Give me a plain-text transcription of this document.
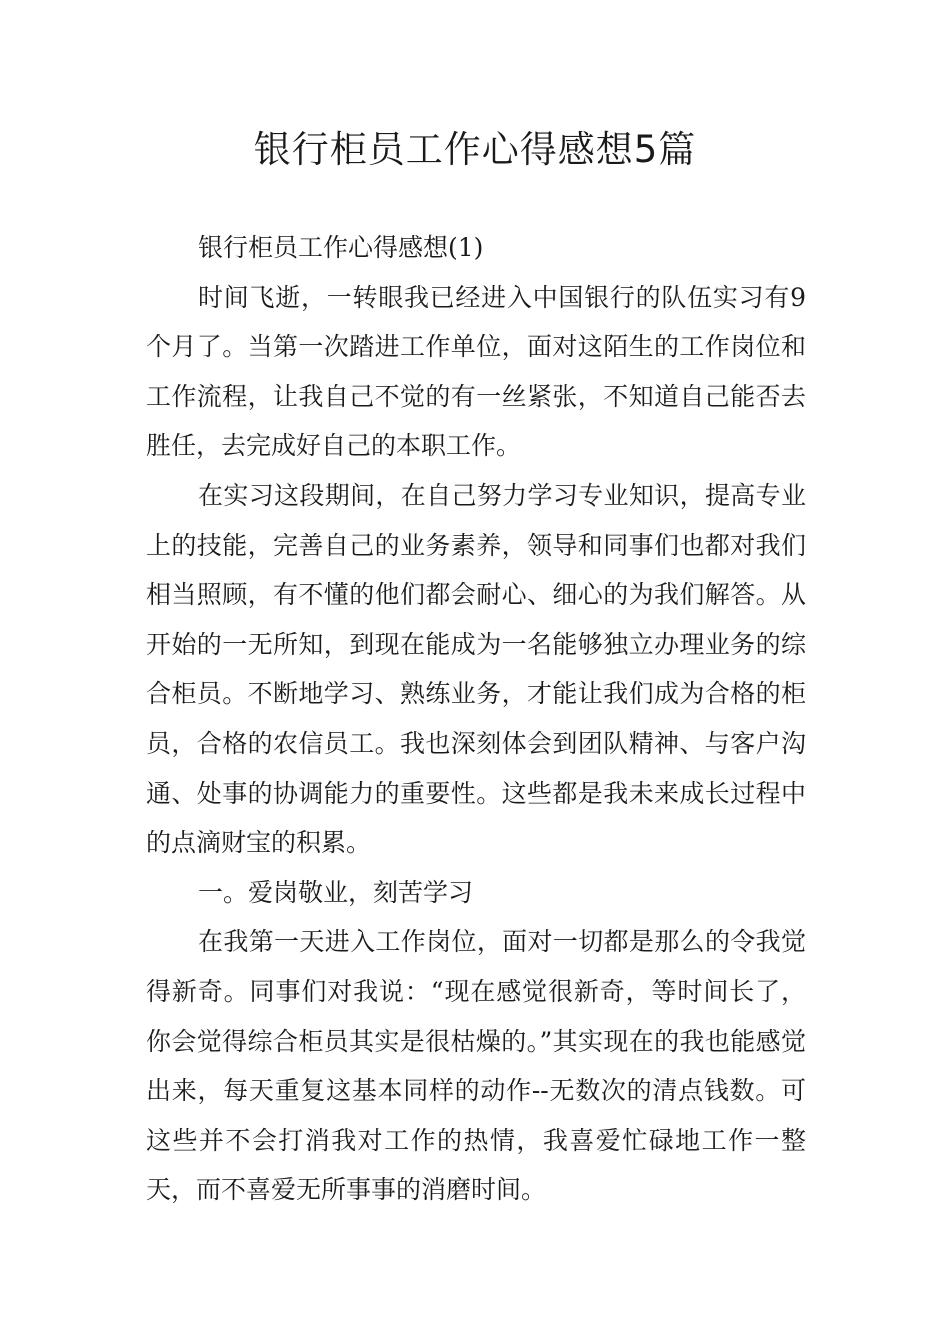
银行柜员工作心得感想5篇

银行柜员工作心得感想(1)

时间飞逝，一转眼我已经进入中国银行的队伍实习有9个月了。当第一次踏进工作单位，面对这陌生的工作岗位和工作流程，让我自己不觉的有一丝紧张，不知道自己能否去胜任，去完成好自己的本职工作。

在实习这段期间，在自己努力学习专业知识，提高专业上的技能，完善自己的业务素养，领导和同事们也都对我们相当照顾，有不懂的他们都会耐心、细心的为我们解答。从开始的一无所知，到现在能成为一名能够独立办理业务的综合柜员。不断地学习、熟练业务，才能让我们成为合格的柜员，合格的农信员工。我也深刻体会到团队精神、与客户沟通、处事的协调能力的重要性。这些都是我未来成长过程中的点滴财宝的积累。

一。爱岗敬业，刻苦学习

在我第一天进入工作岗位，面对一切都是那么的令我觉得新奇。同事们对我说：“现在感觉很新奇，等时间长了，你会觉得综合柜员其实是很枯燥的。”其实现在的我也能感觉出来，每天重复这基本同样的动作--无数次的清点钱数。可这些并不会打消我对工作的热情，我喜爱忙碌地工作一整天，而不喜爱无所事事的消磨时间。
